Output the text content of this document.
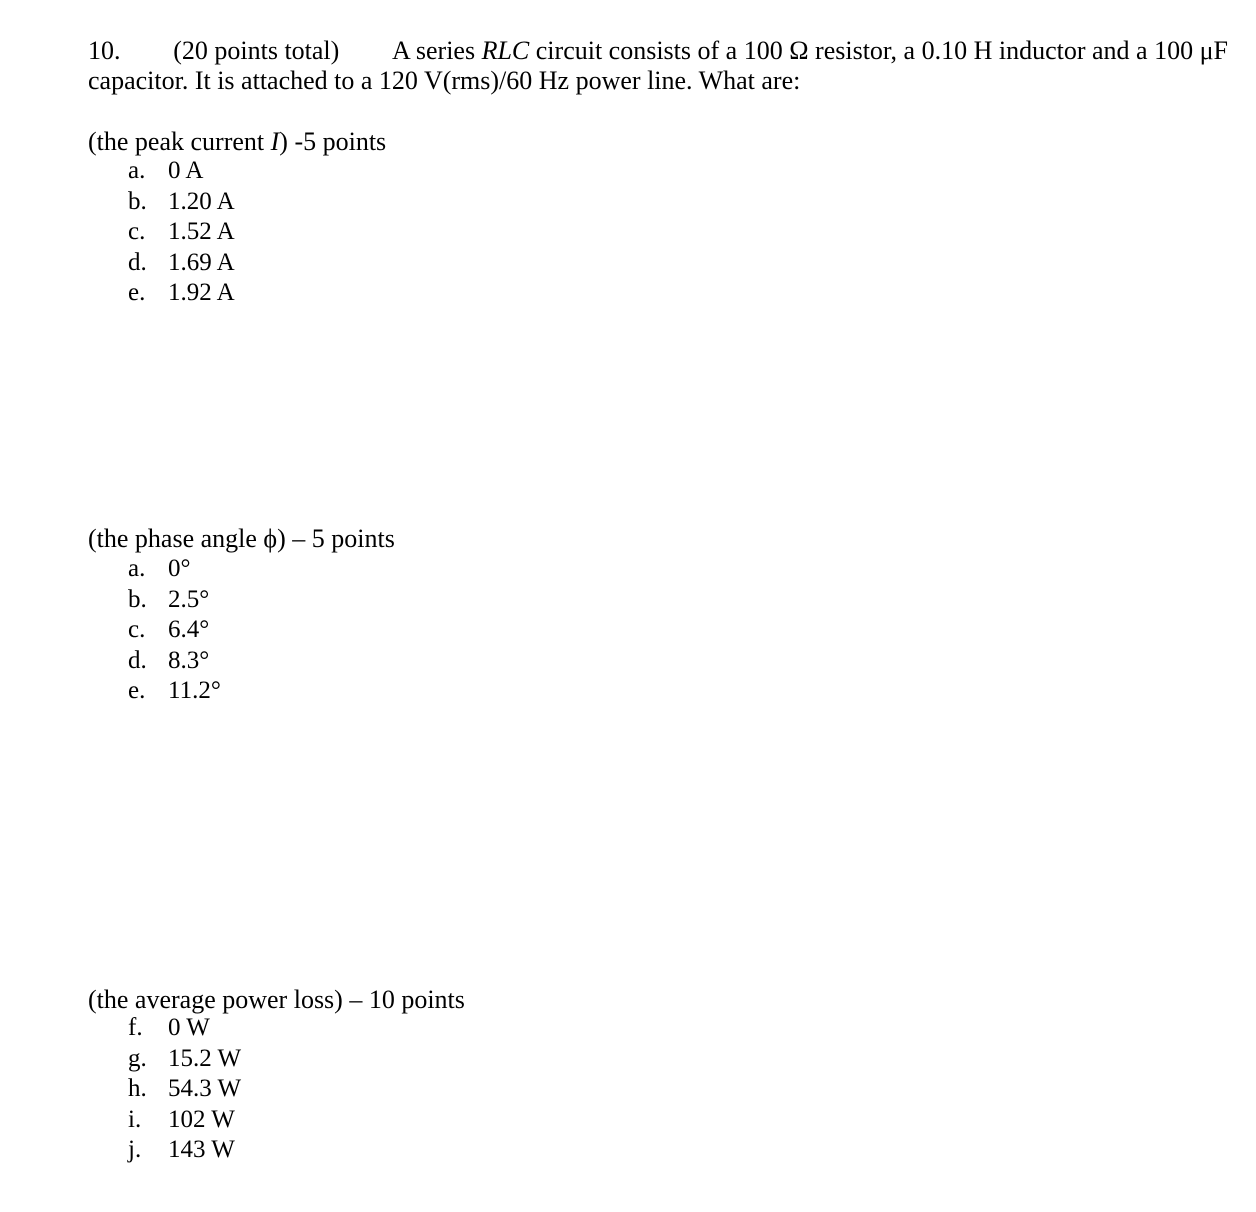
10. (20 points total) A series RLC circuit consists of a 100 Ω resistor, a 0.10 H inductor and a 100 μF
capacitor. It is attached to a 120 V(rms)/60 Hz power line. What are:
(the peak current I) -5 points
a. 0 A
b. 1.20 A
c. 1.52 A
d. 1.69 A
e. 1.92 A
(the phase angle ϕ) – 5 points
a. 0°
b. 2.5°
c. 6.4°
d. 8.3°
e. 11.2°
(the average power loss) – 10 points
f. 0 W
g. 15.2 W
h. 54.3 W
i. 102 W
j. 143 W
